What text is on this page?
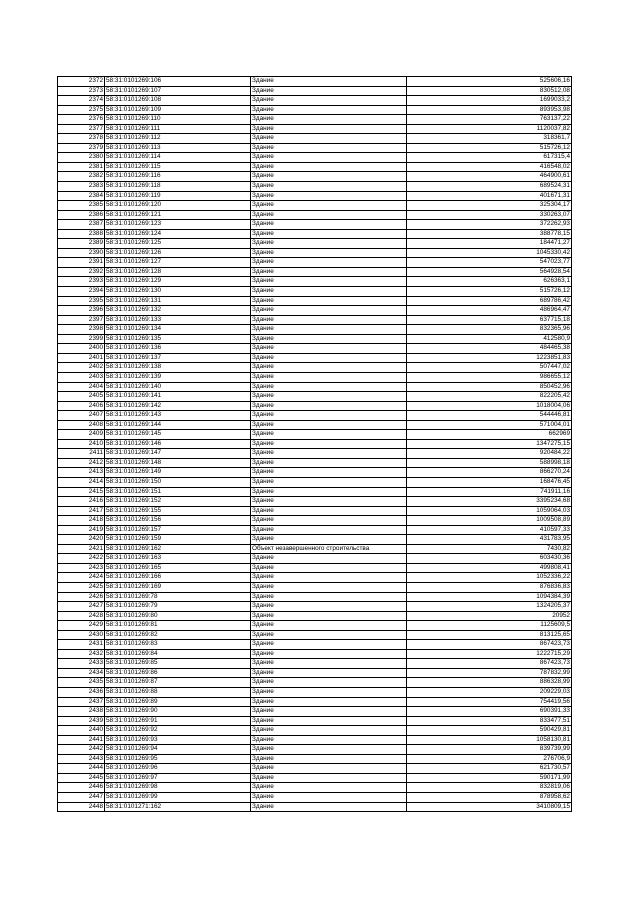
2372	58:31:0101269:106	Здание	525606,16
2373	58:31:0101269:107	Здание	830512,08
2374	58:31:0101269:108	Здание	1699033,2
2375	58:31:0101269:109	Здание	893953,98
2376	58:31:0101269:110	Здание	763137,22
2377	58:31:0101269:111	Здание	1120037,82
2378	58:31:0101269:112	Здание	318361,7
2379	58:31:0101269:113	Здание	515726,12
2380	58:31:0101269:114	Здание	617315,4
2381	58:31:0101269:115	Здание	416548,02
2382	58:31:0101269:116	Здание	464900,61
2383	58:31:0101269:118	Здание	689524,31
2384	58:31:0101269:119	Здание	401671,31
2385	58:31:0101269:120	Здание	325304,17
2386	58:31:0101269:121	Здание	330263,07
2387	58:31:0101269:123	Здание	372262,93
2388	58:31:0101269:124	Здание	388778,15
2389	58:31:0101269:125	Здание	184471,27
2390	58:31:0101269:126	Здание	1045330,42
2391	58:31:0101269:127	Здание	547023,77
2392	58:31:0101269:128	Здание	564928,54
2393	58:31:0101269:129	Здание	626363,1
2394	58:31:0101269:130	Здание	515726,12
2395	58:31:0101269:131	Здание	689786,42
2396	58:31:0101269:132	Здание	486964,47
2397	58:31:0101269:133	Здание	637715,18
2398	58:31:0101269:134	Здание	832365,96
2399	58:31:0101269:135	Здание	412580,9
2400	58:31:0101269:136	Здание	484465,38
2401	58:31:0101269:137	Здание	1223851,83
2402	58:31:0101269:138	Здание	507447,02
2403	58:31:0101269:139	Здание	986655,12
2404	58:31:0101269:140	Здание	850452,96
2405	58:31:0101269:141	Здание	822205,42
2406	58:31:0101269:142	Здание	1018004,06
2407	58:31:0101269:143	Здание	544446,81
2408	58:31:0101269:144	Здание	571004,01
2409	58:31:0101269:145	Здание	662969
2410	58:31:0101269:146	Здание	1347275,15
2411	58:31:0101269:147	Здание	920484,22
2412	58:31:0101269:148	Здание	588998,18
2413	58:31:0101269:149	Здание	866270,24
2414	58:31:0101269:150	Здание	168476,45
2415	58:31:0101269:151	Здание	741911,16
2416	58:31:0101269:152	Здание	3395234,68
2417	58:31:0101269:155	Здание	1059064,03
2418	58:31:0101269:156	Здание	1009508,89
2419	58:31:0101269:157	Здание	410597,33
2420	58:31:0101269:159	Здание	431783,95
2421	58:31:0101269:162	Объект незавершенного строительства	7430,82
2422	58:31:0101269:163	Здание	603430,36
2423	58:31:0101269:165	Здание	499808,41
2424	58:31:0101269:166	Здание	1052336,22
2425	58:31:0101269:169	Здание	876836,83
2426	58:31:0101269:78	Здание	1094384,39
2427	58:31:0101269:79	Здание	1324205,37
2428	58:31:0101269:80	Здание	20952
2429	58:31:0101269:81	Здание	1125609,5
2430	58:31:0101269:82	Здание	813125,65
2431	58:31:0101269:83	Здание	867423,73
2432	58:31:0101269:84	Здание	1222715,29
2433	58:31:0101269:85	Здание	867423,73
2434	58:31:0101269:86	Здание	787832,99
2435	58:31:0101269:87	Здание	886328,99
2436	58:31:0101269:88	Здание	209229,03
2437	58:31:0101269:89	Здание	754419,56
2438	58:31:0101269:90	Здание	690391,33
2439	58:31:0101269:91	Здание	833477,51
2440	58:31:0101269:92	Здание	590429,81
2441	58:31:0101269:93	Здание	1058130,81
2442	58:31:0101269:94	Здание	839739,99
2443	58:31:0101269:95	Здание	276706,9
2444	58:31:0101269:96	Здание	621730,57
2445	58:31:0101269:97	Здание	590171,99
2446	58:31:0101269:98	Здание	832819,06
2447	58:31:0101269:99	Здание	878958,62
2448	58:31:0101271:162	Здание	3410809,15
